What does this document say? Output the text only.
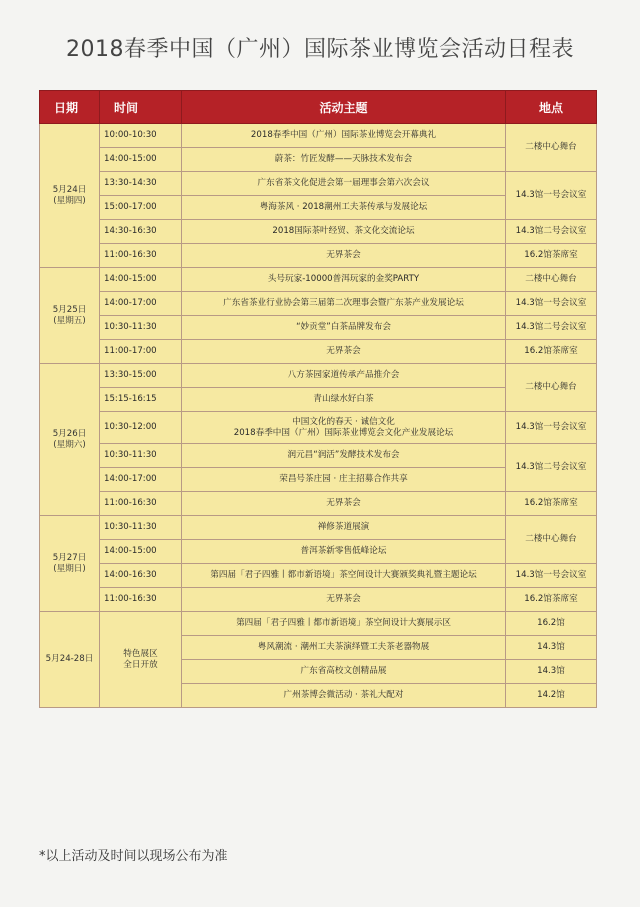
2018春季中国（广州）国际茶业博览会活动日程表
日期	时间	活动主题	地点

5月24日
(星期四)	10:00-10:30	2018春季中国（广州）国际茶业博览会开幕典礼	二楼中心舞台
	14:00-15:00	蔚茶：竹匠发酵——天脉技术发布会	
	13:30-14:30	广东省茶文化促进会第一届理事会第六次会议	14.3馆一号会议室
	15:00-17:00	粤海茶风 · 2018潮州工夫茶传承与发展论坛	
	14:30-16:30	2018国际茶叶经贸、茶文化交流论坛	14.3馆二号会议室
	11:00-16:30	无界茶会	16.2馆茶席室

5月25日
(星期五)	14:00-15:00	头号玩家-10000普洱玩家的金奖PARTY	二楼中心舞台
	14:00-17:00	广东省茶业行业协会第三届第二次理事会暨广东茶产业发展论坛	14.3馆一号会议室
	10:30-11:30	“妙贡堂”白茶品牌发布会	14.3馆二号会议室
	11:00-17:00	无界茶会	16.2馆茶席室

5月26日
(星期六)	13:30-15:00	八方茶园家道传承产品推介会	二楼中心舞台
	15:15-16:15	青山绿水好白茶	
	10:30-12:00	中国文化的春天 · 诚信文化
2018春季中国（广州）国际茶业博览会文化产业发展论坛	14.3馆一号会议室
	10:30-11:30	润元昌“润活”发酵技术发布会	14.3馆二号会议室
	14:00-17:00	荣昌号茶庄园 · 庄主招募合作共享	
	11:00-16:30	无界茶会	16.2馆茶席室

5月27日
(星期日)	10:30-11:30	禅修茶道展演	二楼中心舞台
	14:00-15:00	普洱茶新零售低峰论坛	
	14:00-16:30	第四届「君子四雅丨都市新语境」茶空间设计大赛颁奖典礼暨主题论坛	14.3馆一号会议室
	11:00-16:30	无界茶会	16.2馆茶席室
5月24-28日	特色展区
全日开放	第四届「君子四雅丨都市新语境」茶空间设计大赛展示区	16.2馆
		粤风潮流 · 潮州工夫茶演绎暨工夫茶老器物展	14.3馆
		广东省高校文创精品展	14.3馆
		广州茶博会微活动 · 茶礼大配对	14.2馆
*以上活动及时间以现场公布为准
